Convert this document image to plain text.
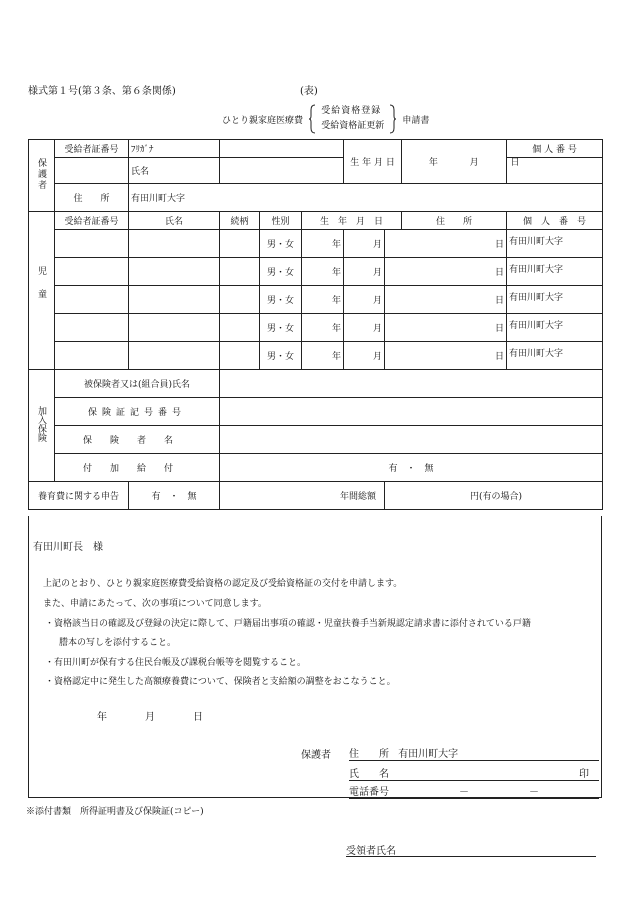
様式第１号(第３条、第６条関係)	(表)
ひとり親家庭医療費
受給資格登録
受給資格証更新
申請書
保護者	受給者証番号	ﾌﾘｶﾞﾅ				生 年 月 日		年 月 日	個 人 番 号	
		氏名								
	住　　所	有田川町大字								
児童	受給者証番号	氏名	続柄	性別	生　年　月　日			住　　所	個　人　番　号	
				男・女	年	月	日		有田川町大字	
				男・女	年	月	日		有田川町大字	
				男・女	年	月	日		有田川町大字	
				男・女	年	月	日		有田川町大字	
				男・女	年	月	日		有田川町大字	
加入保険	被保険者又は(組合員)氏名									
	保険証記号番号									
	保険者名									
	付加給付		有　・　無							
養育費に関する申告		有　・　無	年間総額				円(有の場合)			
有田川町長　様
上記のとおり、ひとり親家庭医療費受給資格の認定及び受給資格証の交付を申請します。
また、申請にあたって、次の事項について同意します。
・資格該当日の確認及び登録の決定に際して、戸籍届出事項の確認・児童扶養手当新規認定請求書に添付されている戸籍
謄本の写しを添付すること。
・有田川町が保有する住民台帳及び課税台帳等を閲覧すること。
・資格認定中に発生した高額療養費について、保険者と支給額の調整をおこなうこと。
年	月	日
保護者 住　　所 有田川町大字
氏　　名	印
電話番号	－	－
※添付書類　所得証明書及び保険証(コピー)
受領者氏名
